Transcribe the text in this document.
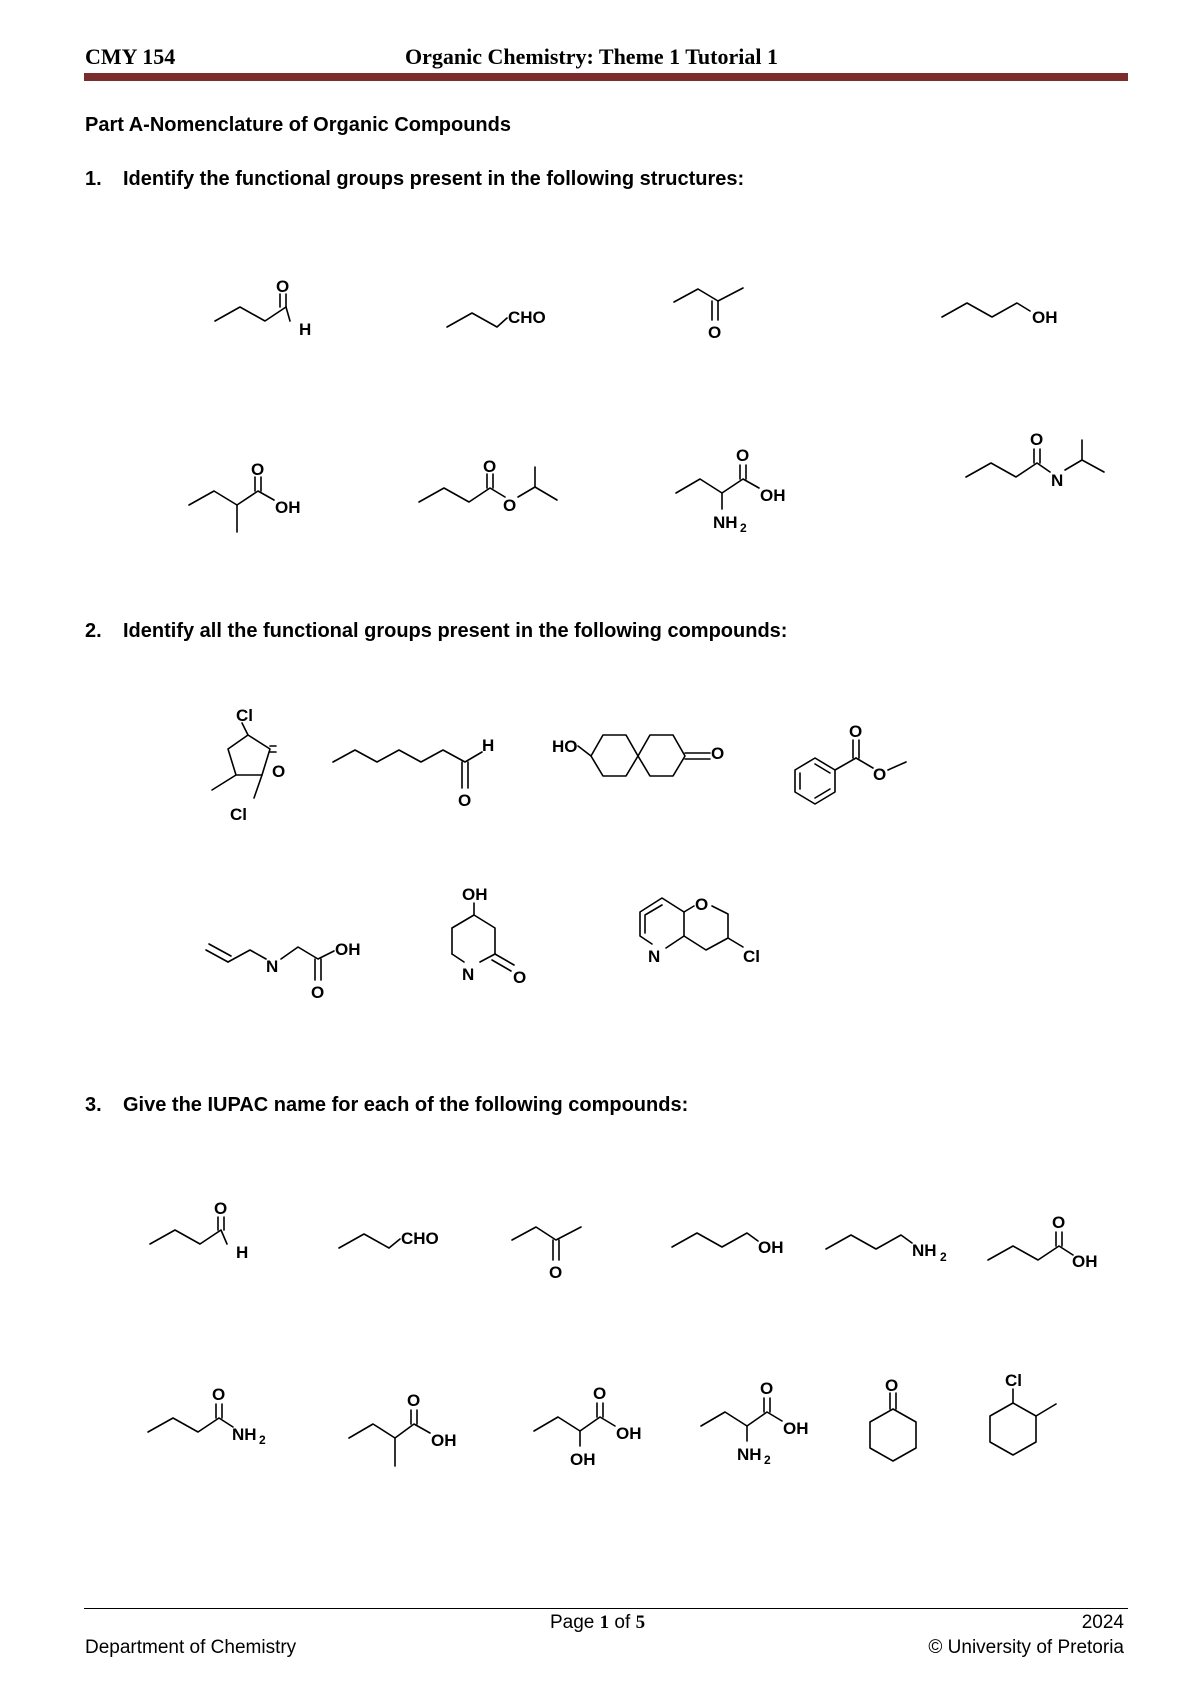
CMY 154	Organic Chemistry: Theme 1 Tutorial 1
Part A-Nomenclature of Organic Compounds
1. Identify the functional groups present in the following structures:
2. Identify all the functional groups present in the following compounds:
3. Give the IUPAC name for each of the following compounds:
O
H
CHO
O
OH
O
OH
O
O
O
OH
NH 2
O
N
Cl
O
Cl
O
H	HO	O
O
O
N
OH
O
N
OH
O
N
O
Cl
O
H
CHO
O
OH	NH 2
O
OH
O
NH 2
O
OH
O
OH
OH
O
OH
NH 2
O	Cl
Page 1 of 5	2024
Department of Chemistry	© University of Pretoria
